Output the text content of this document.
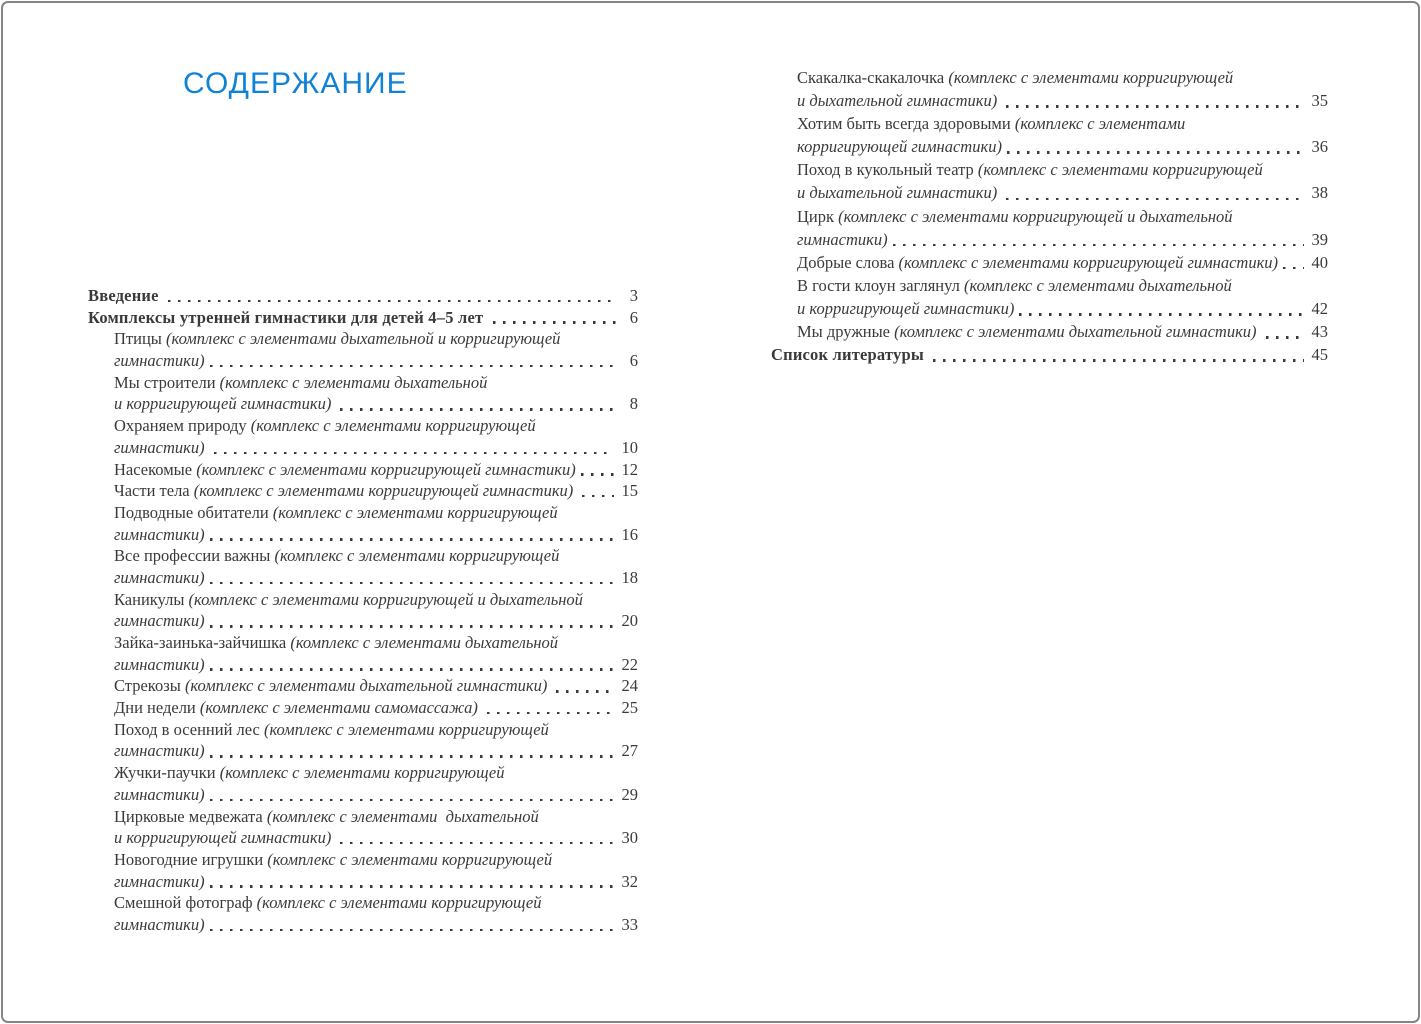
СОДЕРЖАНИЕ
Введение	3
Комплексы утренней гимнастики для детей 4–5 лет	6
Птицы (комплекс с элементами дыхательной и корригирующей
гимнастики)	6
Мы строители (комплекс с элементами дыхательной
и корригирующей гимнастики)	8
Охраняем природу (комплекс с элементами корригирующей
гимнастики)	10
Насекомые (комплекс с элементами корригирующей гимнастики)	12
Части тела (комплекс с элементами корригирующей гимнастики)	15
Подводные обитатели (комплекс с элементами корригирующей
гимнастики)	16
Все профессии важны (комплекс с элементами корригирующей
гимнастики)	18
Каникулы (комплекс с элементами корригирующей и дыхательной
гимнастики)	20
Зайка-заинька-зайчишка (комплекс с элементами дыхательной
гимнастики)	22
Стрекозы (комплекс с элементами дыхательной гимнастики)	24
Дни недели (комплекс с элементами самомассажа)	25
Поход в осенний лес (комплекс с элементами корригирующей
гимнастики)	27
Жучки-паучки (комплекс с элементами корригирующей
гимнастики)	29
Цирковые медвежата (комплекс с элементами  дыхательной
и корригирующей гимнастики)	30
Новогодние игрушки (комплекс с элементами корригирующей
гимнастики)	32
Смешной фотограф (комплекс с элементами корригирующей
гимнастики)	33
Скакалка-скакалочка (комплекс с элементами корригирующей
и дыхательной гимнастики)	35
Хотим быть всегда здоровыми (комплекс с элементами
корригирующей гимнастики)	36
Поход в кукольный театр (комплекс с элементами корригирующей
и дыхательной гимнастики)	38
Цирк (комплекс с элементами корригирующей и дыхательной
гимнастики)	39
Добрые слова (комплекс с элементами корригирующей гимнастики) 40
В гости клоун заглянул (комплекс с элементами дыхательной
и корригирующей гимнастики)	42
Мы дружные (комплекс с элементами дыхательной гимнастики)	43
Список литературы	45
